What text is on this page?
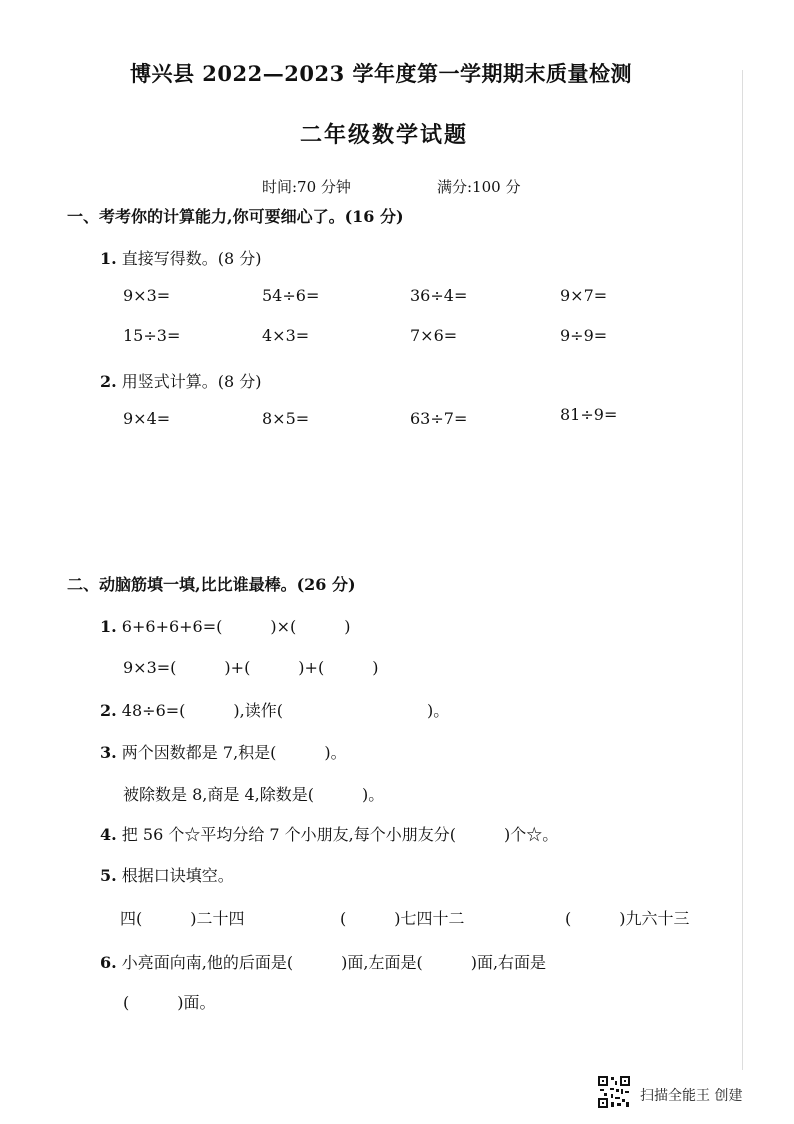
博兴县 2022—2023 学年度第一学期期末质量检测
二年级数学试题
时间:70 分钟	满分:100 分
一、考考你的计算能力,你可要细心了。(16 分)
1. 直接写得数。(8 分)
9×3=	54÷6=	36÷4=	9×7=
15÷3=	4×3=	7×6=	9÷9=
2. 用竖式计算。(8 分)
9×4=	8×5=	63÷7=	81÷9=
二、动脑筋填一填,比比谁最棒。(26 分)
1. 6+6+6+6=(　　　)×(　　　)
9×3=(　　　)+(　　　)+(　　　)
2. 48÷6=(　　　),读作(　　　　　　　　　)。
3. 两个因数都是 7,积是(　　　)。
被除数是 8,商是 4,除数是(　　　)。
4. 把 56 个☆平均分给 7 个小朋友,每个小朋友分(　　　)个☆。
5. 根据口诀填空。
四(　　　)二十四	(　　　)七四十二	(　　　)九六十三
6. 小亮面向南,他的后面是(　　　)面,左面是(　　　)面,右面是
(　　　)面。
扫描全能王 创建
